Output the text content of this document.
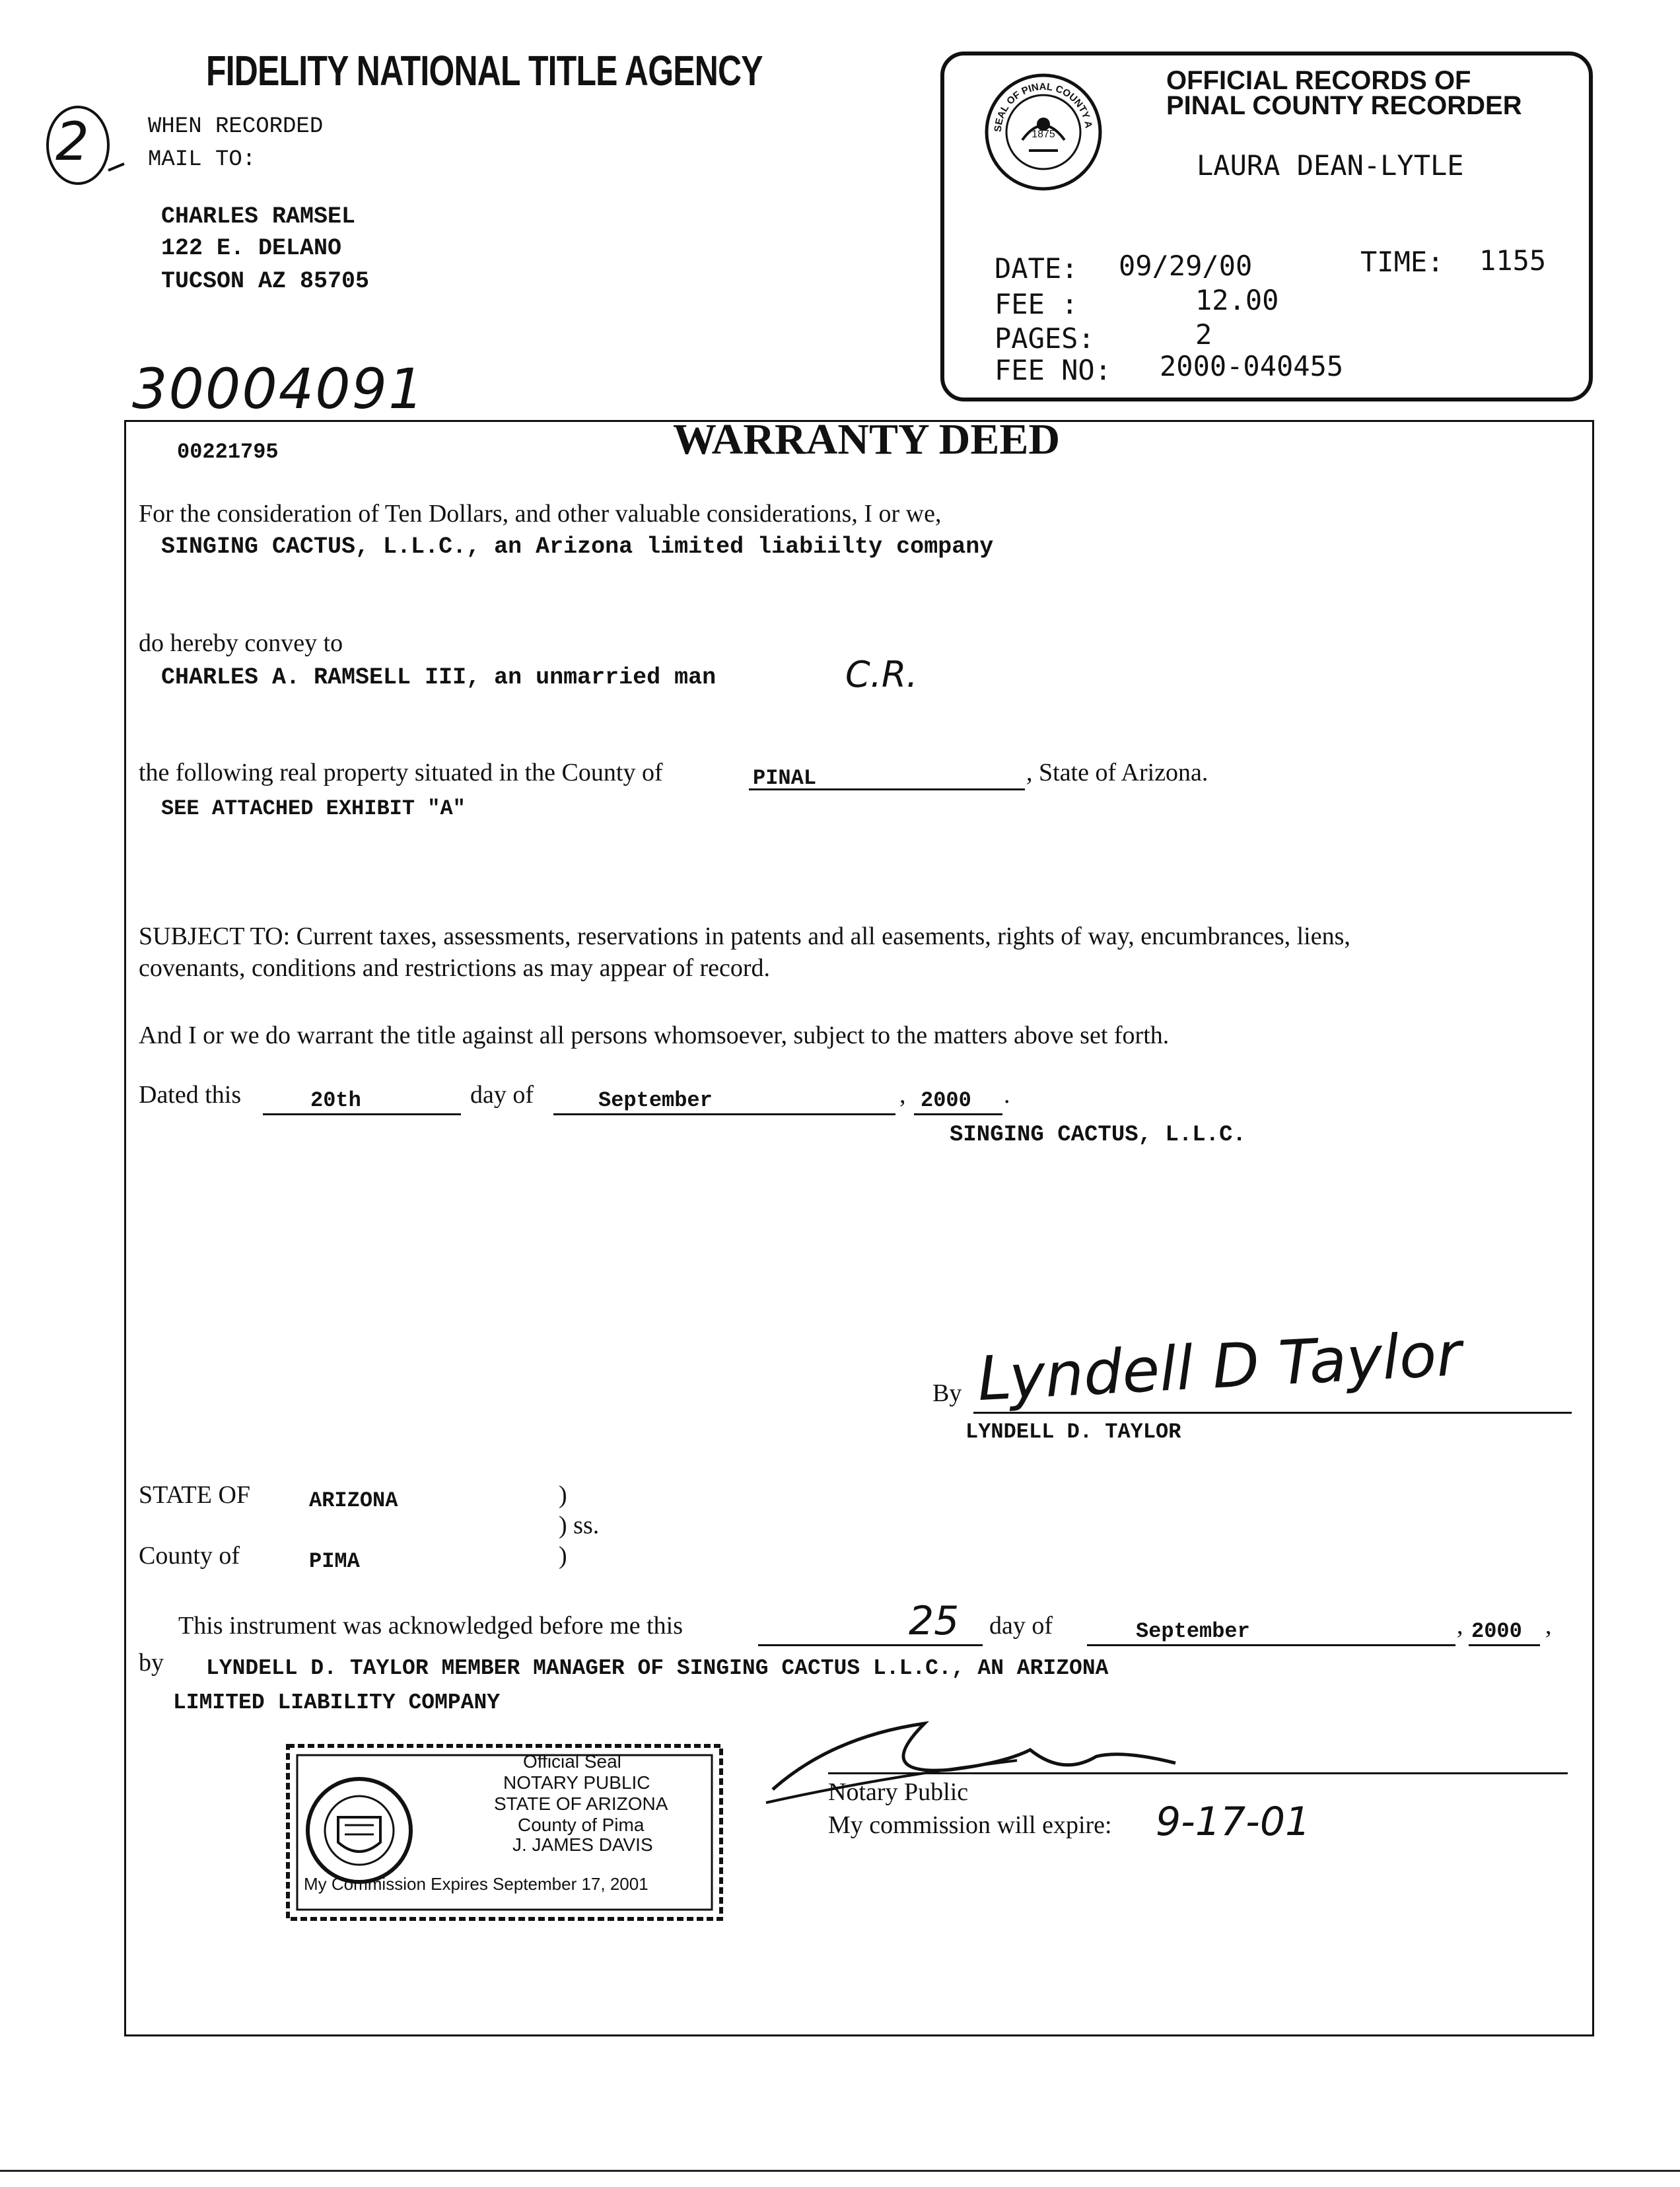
FIDELITY NATIONAL TITLE AGENCY
2	WHEN RECORDED
MAIL TO:
CHARLES RAMSEL
122 E. DELANO
TUCSON AZ 85705
SEAL OF PINAL COUNTY A
1875
OFFICIAL RECORDS OF
PINAL COUNTY RECORDER
LAURA DEAN-LYTLE
DATE: 09/29/00	TIME: 1155
FEE :	12.00
PAGES:	2
FEE NO: 2000-040455
30004091
00221795	WARRANTY DEED
For the consideration of Ten Dollars, and other valuable considerations, I or we,
SINGING CACTUS, L.L.C., an Arizona limited liabiilty company
do hereby convey to
CHARLES A. RAMSELL III, an unmarried man	C.R.
the following real property situated in the County of	PINAL	, State of Arizona.
SEE ATTACHED EXHIBIT "A"
SUBJECT TO: Current taxes, assessments, reservations in patents and all easements, rights of way, encumbrances, liens,
covenants, conditions and restrictions as may appear of record.
And I or we do warrant the title against all persons whomsoever, subject to the matters above set forth.
Dated this	20th	day of	September	, 2000 .
SINGING CACTUS, L.L.C.
By Lyndell D Taylor
LYNDELL D. TAYLOR
STATE OF	ARIZONA	)
) ss.
County of	PIMA	)
This instrument was acknowledged before me this	25 day of	September	, 2000 ,
by LYNDELL D. TAYLOR MEMBER MANAGER OF SINGING CACTUS L.L.C., AN ARIZONA
LIMITED LIABILITY COMPANY
Official Seal
NOTARY PUBLIC
STATE OF ARIZONA
County of Pima
J. JAMES DAVIS
My Commission Expires September 17, 2001
Notary Public
My commission will expire: 9-17-01
